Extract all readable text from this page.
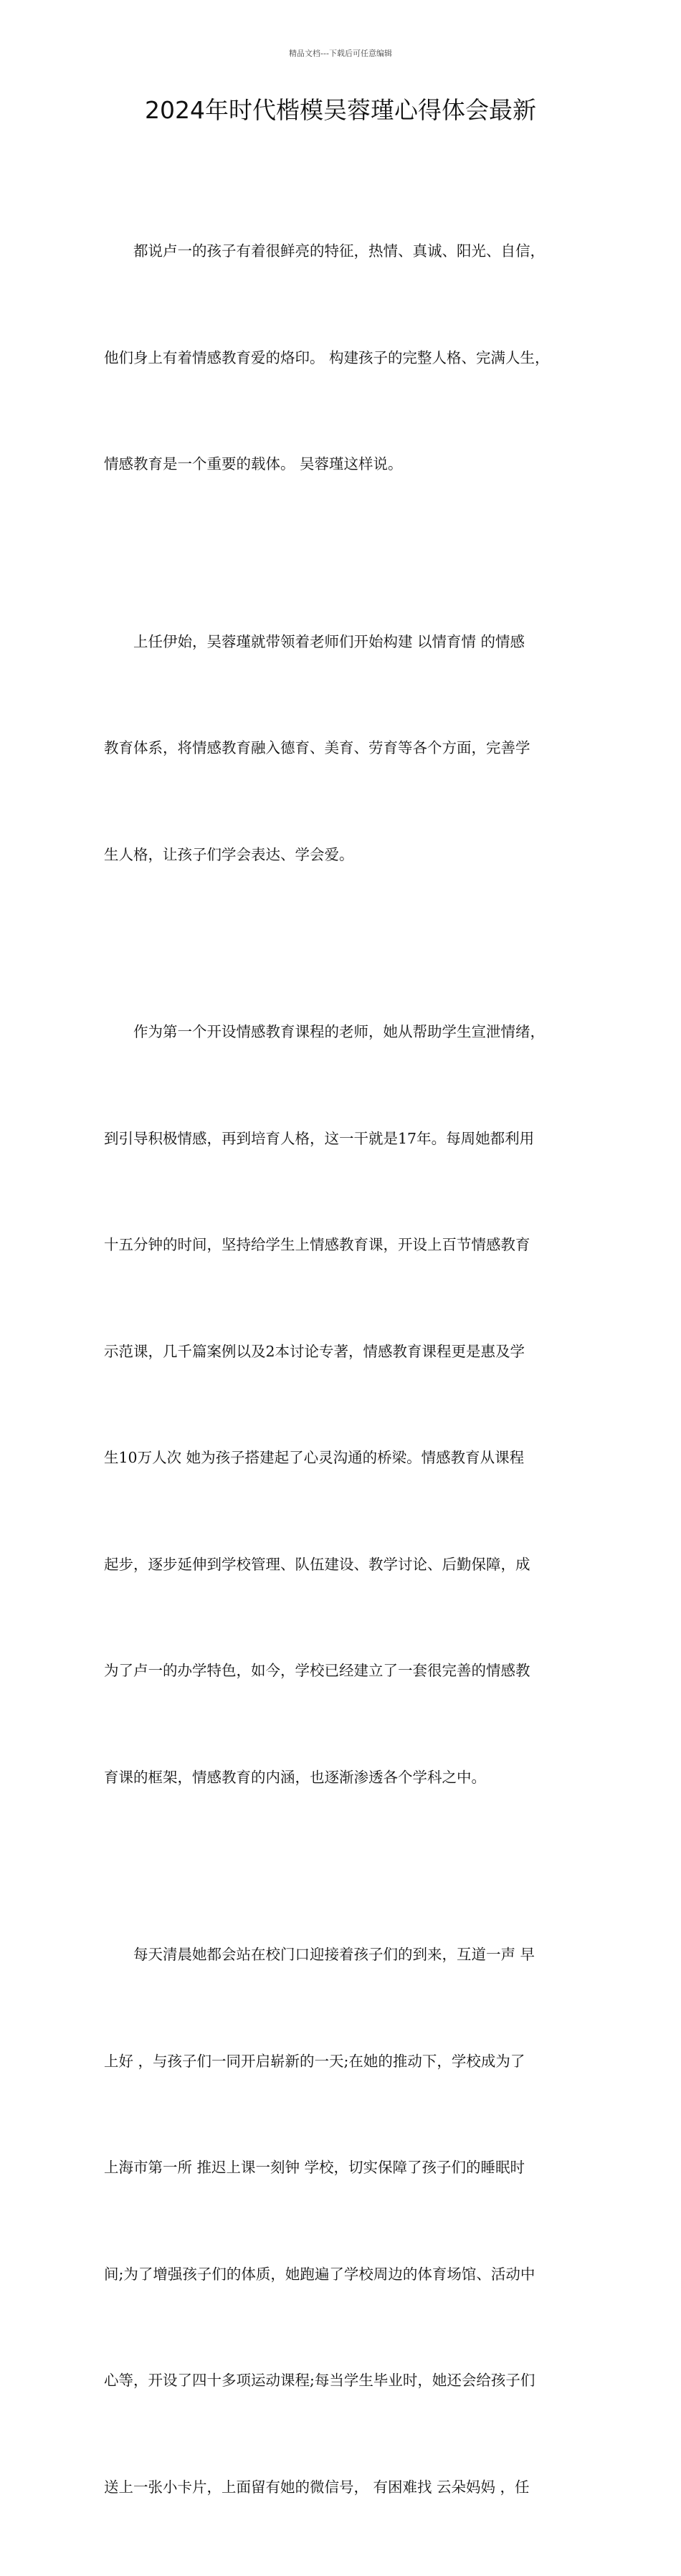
精品文档---下载后可任意编辑
2024年时代楷模吴蓉瑾心得体会最新

都说卢一的孩子有着很鲜亮的特征，热情、真诚、阳光、自信，

他们身上有着情感教育爱的烙印。 构建孩子的完整人格、完满人生，

情感教育是一个重要的载体。 吴蓉瑾这样说。

上任伊始，吴蓉瑾就带领着老师们开始构建 以情育情 的情感

教育体系，将情感教育融入德育、美育、劳育等各个方面，完善学

生人格，让孩子们学会表达、学会爱。

作为第一个开设情感教育课程的老师，她从帮助学生宣泄情绪，

到引导积极情感，再到培育人格，这一干就是17年。每周她都利用

十五分钟的时间，坚持给学生上情感教育课，开设上百节情感教育

示范课，几千篇案例以及2本讨论专著，情感教育课程更是惠及学

生10万人次 她为孩子搭建起了心灵沟通的桥梁。情感教育从课程

起步，逐步延伸到学校管理、队伍建设、教学讨论、后勤保障，成

为了卢一的办学特色，如今，学校已经建立了一套很完善的情感教

育课的框架，情感教育的内涵，也逐渐渗透各个学科之中。

每天清晨她都会站在校门口迎接着孩子们的到来，互道一声 早

上好 ，与孩子们一同开启崭新的一天;在她的推动下，学校成为了

上海市第一所 推迟上课一刻钟 学校，切实保障了孩子们的睡眠时

间;为了增强孩子们的体质，她跑遍了学校周边的体育场馆、活动中

心等，开设了四十多项运动课程;每当学生毕业时，她还会给孩子们

送上一张小卡片，上面留有她的微信号， 有困难找 云朵妈妈 ，任
